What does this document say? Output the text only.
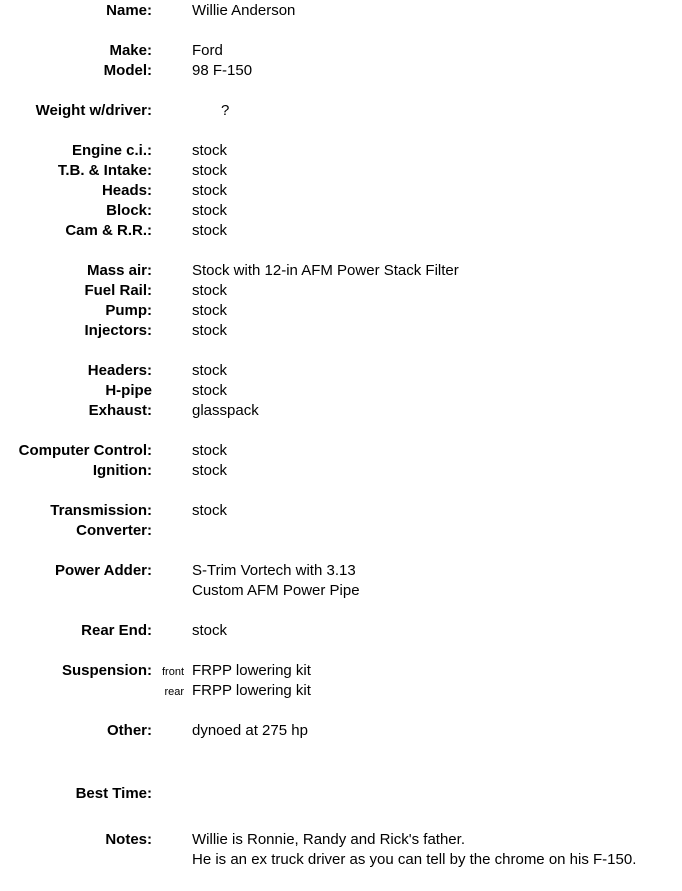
Name:	Willie Anderson
Make:	Ford
Model:	98 F-150
Weight w/driver:	?
Engine c.i.:	stock
T.B. & Intake:	stock
Heads:	stock
Block:	stock
Cam & R.R.:	stock
Mass air:	Stock with 12-in AFM Power Stack Filter
Fuel Rail:	stock
Pump:	stock
Injectors:	stock
Headers:	stock
H-pipe	stock
Exhaust:	glasspack
Computer Control:	stock
Ignition:	stock
Transmission:	stock
Converter:
Power Adder:	S-Trim Vortech with 3.13
Custom AFM Power Pipe
Rear End:	stock
Suspension: front FRPP lowering kit
rear FRPP lowering kit
Other:	dynoed at 275 hp
Best Time:
Notes:	Willie is Ronnie, Randy and Rick's father.
He is an ex truck driver as you can tell by the chrome on his F-150.
